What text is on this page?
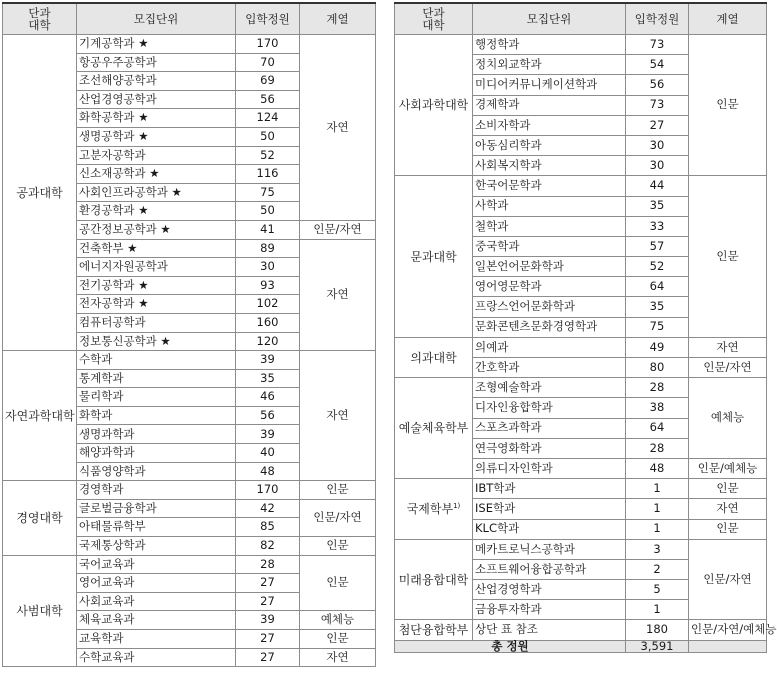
단과
대학	모집단위	입학정원	계열
공과대학	기계공학과 ★	170	자연
	항공우주공학과	70	
	조선해양공학과	69	
	산업경영공학과	56	
	화학공학과 ★	124	
	생명공학과 ★	50	
	고분자공학과	52	
	신소재공학과 ★	116	
	사회인프라공학과 ★	75	
	환경공학과 ★	50	
	공간정보공학과 ★	41	인문/자연
	건축학부 ★	89	자연
	에너지자원공학과	30	
	전기공학과 ★	93	
	전자공학과 ★	102	
	컴퓨터공학과	160	
	정보통신공학과 ★	120	
자연과학대학	수학과	39	자연
	통계학과	35	
	물리학과	46	
	화학과	56	
	생명과학과	39	
	해양과학과	40	
	식품영양학과	48	
경영대학	경영학과	170	인문
	글로벌금융학과	42	인문/자연
	아태물류학부	85	
	국제통상학과	82	인문
사범대학	국어교육과	28	인문
	영어교육과	27	
	사회교육과	27	
	체육교육과	39	예체능
	교육학과	27	인문
	수학교육과	27	자연
단과
대학	모집단위	입학정원	계열
사회과학대학	행정학과	73	인문
	정치외교학과	54	
	미디어커뮤니케이션학과	56	
	경제학과	73	
	소비자학과	27	
	아동심리학과	30	
	사회복지학과	30	
문과대학	한국어문학과	44	인문
	사학과	35	
	철학과	33	
	중국학과	57	
	일본언어문화학과	52	
	영어영문학과	64	
	프랑스언어문화학과	35	
	문화콘텐츠문화경영학과	75	
의과대학	의예과	49	자연
	간호학과	80	인문/자연
예술체육학부	조형예술학과	28	예체능
	디자인융합학과	38	
	스포츠과학과	64	
	연극영화학과	28	
	의류디자인학과	48	인문/예체능
국제학부$^{1)}$	IBT학과	1	인문
	ISE학과	1	자연
	KLC학과	1	인문
미래융합대학	메카트로닉스공학과	3	인문/자연
	소프트웨어융합공학과	2	
	산업경영학과	5	
	금융투자학과	1	
첨단융합학부	상단 표 참조	180	인문/자연/예체능
총 정원		3,591	
